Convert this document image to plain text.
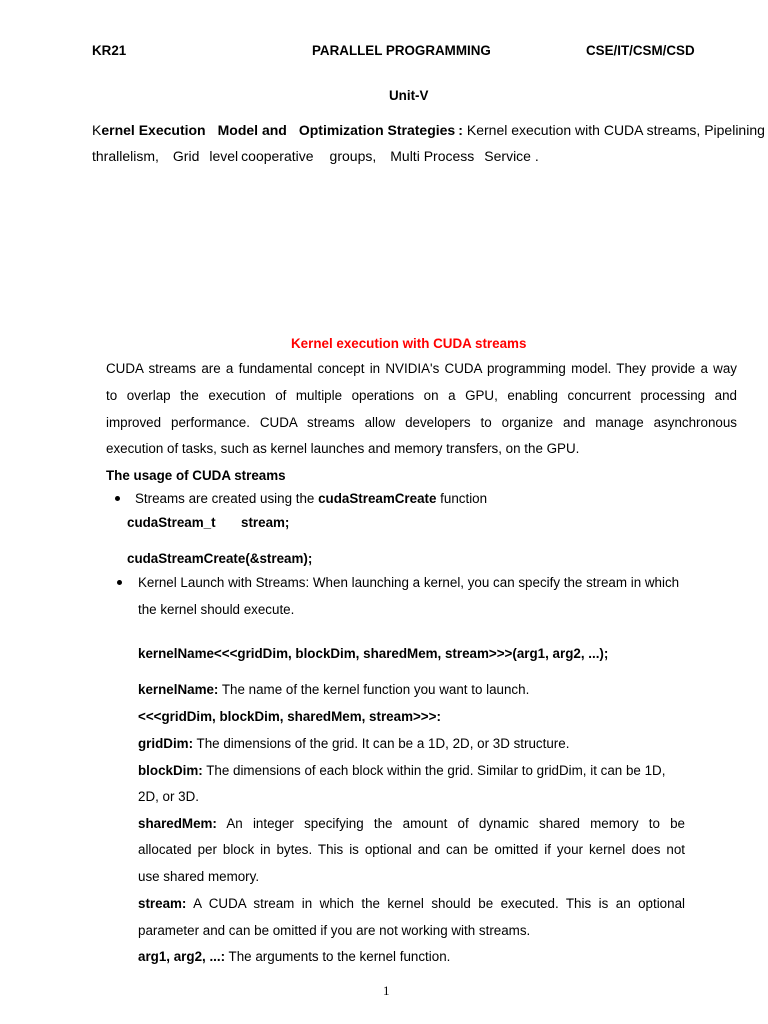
KR21	PARALLEL PROGRAMMING	CSE/IT/CSM/CSD
Unit-V
Kernel Execution Model and Optimization Strategies : Kernel execution with CUDA streams, Pipelining
thrallelism, Grid level cooperative groups, Multi Process Service .
Kernel execution with CUDA streams
CUDA streams are a fundamental concept in NVIDIA's CUDA programming model. They provide a way
to overlap the execution of multiple operations on a GPU, enabling concurrent processing and
improved performance. CUDA streams allow developers to organize and manage asynchronous
execution of tasks, such as kernel launches and memory transfers, on the GPU.
The usage of CUDA streams
Streams are created using the cudaStreamCreate function
cudaStream_t stream;
cudaStreamCreate(&stream);
Kernel Launch with Streams: When launching a kernel, you can specify the stream in which
the kernel should execute.
kernelName<<<gridDim, blockDim, sharedMem, stream>>>(arg1, arg2, ...);
kernelName: The name of the kernel function you want to launch.
<<<gridDim, blockDim, sharedMem, stream>>>:
gridDim: The dimensions of the grid. It can be a 1D, 2D, or 3D structure.
blockDim: The dimensions of each block within the grid. Similar to gridDim, it can be 1D,
2D, or 3D.
sharedMem: An integer specifying the amount of dynamic shared memory to be
allocated per block in bytes. This is optional and can be omitted if your kernel does not
use shared memory.
stream: A CUDA stream in which the kernel should be executed. This is an optional
parameter and can be omitted if you are not working with streams.
arg1, arg2, ...: The arguments to the kernel function.
1
